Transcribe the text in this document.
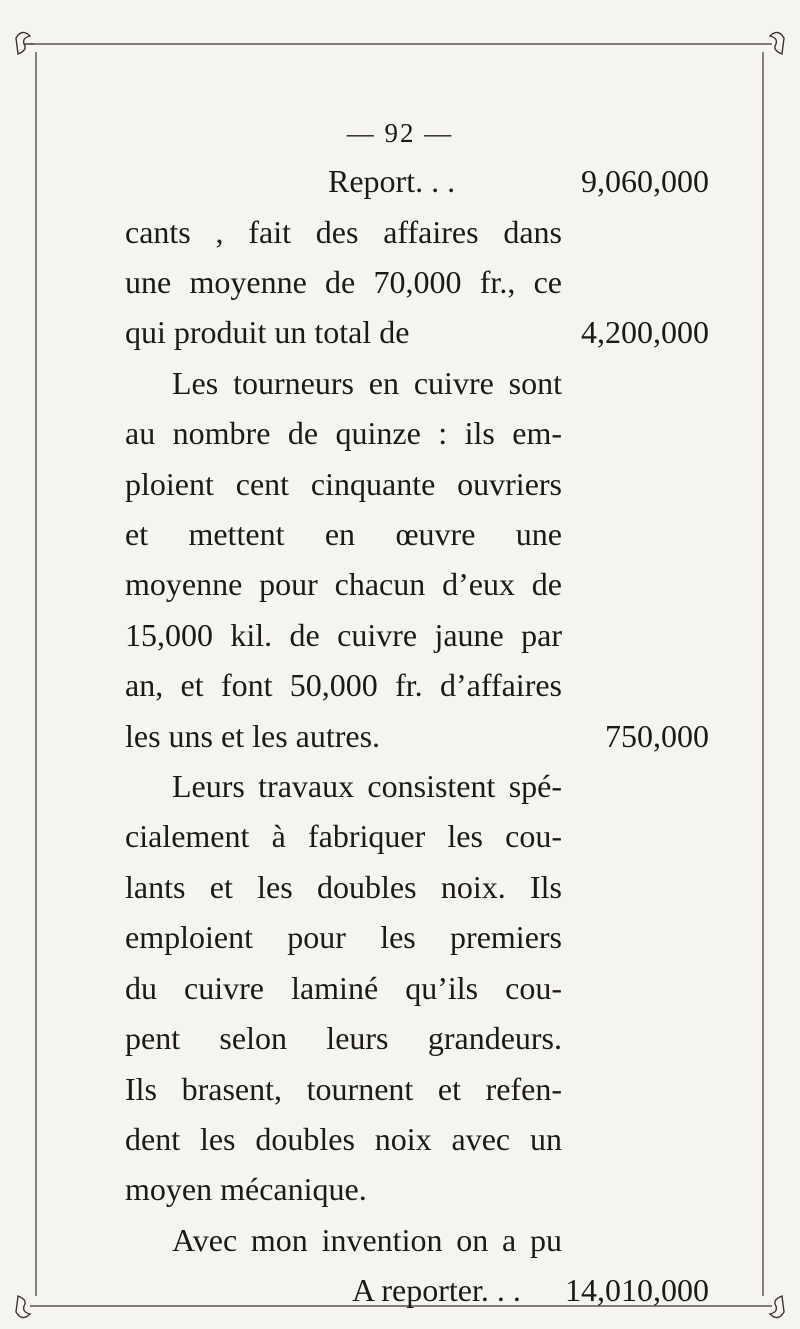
— 92 —
Report. . .	9,060,000
cants , fait des affaires dans
une moyenne de 70,000 fr., ce
qui produit un total de	4,200,000
Les tourneurs en cuivre sont
au nombre de quinze : ils em-
ploient cent cinquante ouvriers
et mettent en œuvre une
moyenne pour chacun d’eux de
15,000 kil. de cuivre jaune par
an, et font 50,000 fr. d’affaires
les uns et les autres.	750,000
Leurs travaux consistent spé-
cialement à fabriquer les cou-
lants et les doubles noix. Ils
emploient pour les premiers
du cuivre laminé qu’ils cou-
pent selon leurs grandeurs.
Ils brasent, tournent et refen-
dent les doubles noix avec un
moyen mécanique.
Avec mon invention on a pu
A reporter. . . 14,010,000
